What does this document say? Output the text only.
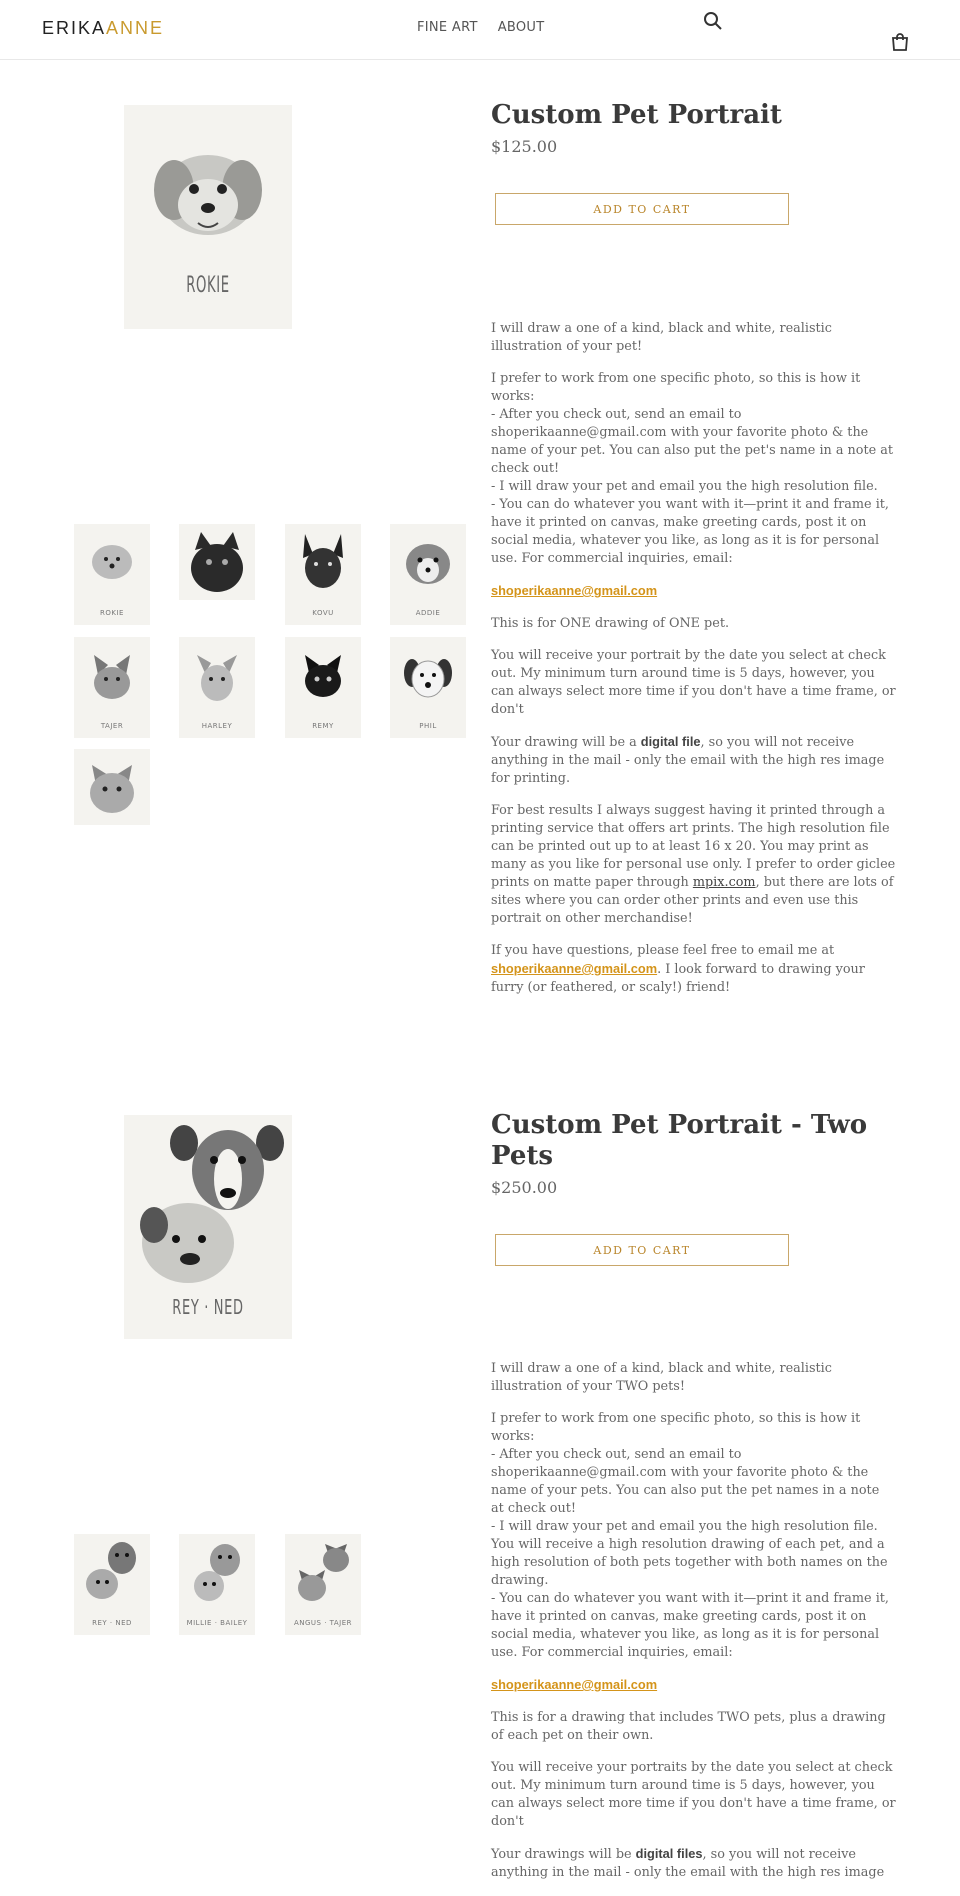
ERIKAANNE	FINE ART ABOUT
ROKIE
ROKIE	KOVU	ADDIE
TAJER	HARLEY	REMY	PHIL
Custom Pet Portrait
$125.00
ADD TO CART

I will draw a one of a kind, black and white, realistic illustration of your pet!

I prefer to work from one specific photo, so this is how it works:
- After you check out, send an email to shoperikaanne@gmail.com with your favorite photo & the name of your pet. You can also put the pet's name in a note at check out!
- I will draw your pet and email you the high resolution file.
- You can do whatever you want with it—print it and frame it, have it printed on canvas, make greeting cards, post it on social media, whatever you like, as long as it is for personal use. For commercial inquiries, email:

shoperikaanne@gmail.com

This is for ONE drawing of ONE pet.

You will receive your portrait by the date you select at check out. My minimum turn around time is 5 days, however, you can always select more time if you don't have a time frame, or don't

Your drawing will be a digital file, so you will not receive anything in the mail - only the email with the high res image for printing.

For best results I always suggest having it printed through a printing service that offers art prints. The high resolution file can be printed out up to at least 16 x 20. You may print as many as you like for personal use only. I prefer to order giclee prints on matte paper through mpix.com, but there are lots of sites where you can order other prints and even use this portrait on other merchandise!

If you have questions, please feel free to email me at shoperikaanne@gmail.com. I look forward to drawing your furry (or feathered, or scaly!) friend!

REY · NED
REY · NED	MILLIE · BAILEY	ANGUS · TAJER
Custom Pet Portrait - Two Pets
$250.00
ADD TO CART

I will draw a one of a kind, black and white, realistic illustration of your TWO pets!

I prefer to work from one specific photo, so this is how it works:
- After you check out, send an email to shoperikaanne@gmail.com with your favorite photo & the name of your pets. You can also put the pet names in a note at check out!
- I will draw your pet and email you the high resolution file. You will receive a high resolution drawing of each pet, and a high resolution of both pets together with both names on the drawing.
- You can do whatever you want with it—print it and frame it, have it printed on canvas, make greeting cards, post it on social media, whatever you like, as long as it is for personal use. For commercial inquiries, email:

shoperikaanne@gmail.com

This is for a drawing that includes TWO pets, plus a drawing of each pet on their own.

You will receive your portraits by the date you select at check out. My minimum turn around time is 5 days, however, you can always select more time if you don't have a time frame, or don't

Your drawings will be digital files, so you will not receive anything in the mail - only the email with the high res image
